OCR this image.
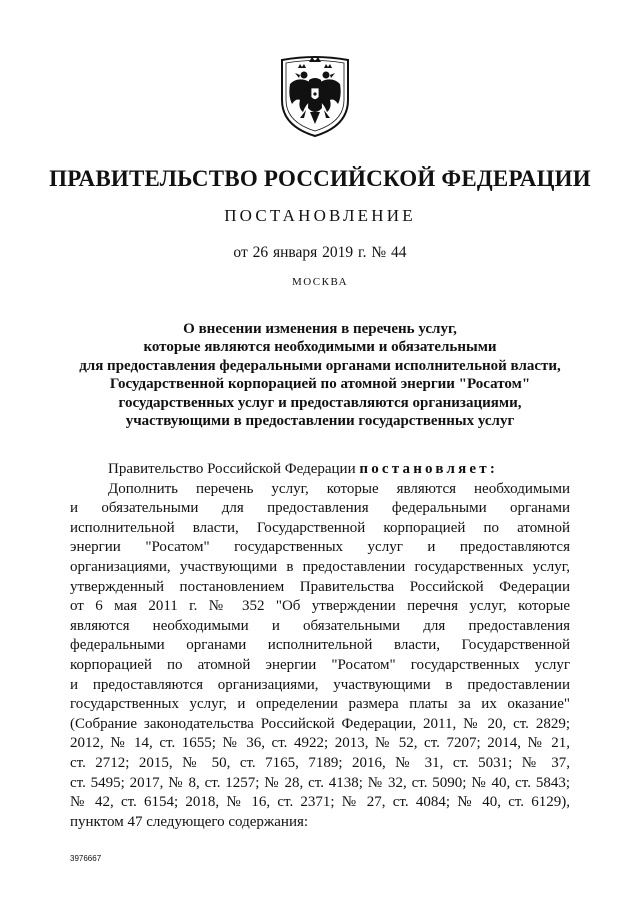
ПРАВИТЕЛЬСТВО РОССИЙСКОЙ ФЕДЕРАЦИИ
ПОСТАНОВЛЕНИЕ
от 26 января 2019 г. № 44
МОСКВА
О внесении изменения в перечень услуг,
которые являются необходимыми и обязательными
для предоставления федеральными органами исполнительной власти,
Государственной корпорацией по атомной энергии "Росатом"
государственных услуг и предоставляются организациями,
участвующими в предоставлении государственных услуг
Правительство Российской Федерации постановляет:
Дополнить перечень услуг, которые являются необходимыми
и обязательными для предоставления федеральными органами
исполнительной власти, Государственной корпорацией по атомной
энергии "Росатом" государственных услуг и предоставляются
организациями, участвующими в предоставлении государственных услуг,
утвержденный постановлением Правительства Российской Федерации
от 6 мая 2011 г. № 352 "Об утверждении перечня услуг, которые
являются необходимыми и обязательными для предоставления
федеральными органами исполнительной власти, Государственной
корпорацией по атомной энергии "Росатом" государственных услуг
и предоставляются организациями, участвующими в предоставлении
государственных услуг, и определении размера платы за их оказание"
(Собрание законодательства Российской Федерации, 2011, № 20, ст. 2829;
2012, № 14, ст. 1655; № 36, ст. 4922; 2013, № 52, ст. 7207; 2014, № 21,
ст. 2712; 2015, № 50, ст. 7165, 7189; 2016, № 31, ст. 5031; № 37,
ст. 5495; 2017, № 8, ст. 1257; № 28, ст. 4138; № 32, ст. 5090; № 40, ст. 5843;
№ 42, ст. 6154; 2018, № 16, ст. 2371; № 27, ст. 4084; № 40, ст. 6129),
пунктом 47 следующего содержания:
3976667
